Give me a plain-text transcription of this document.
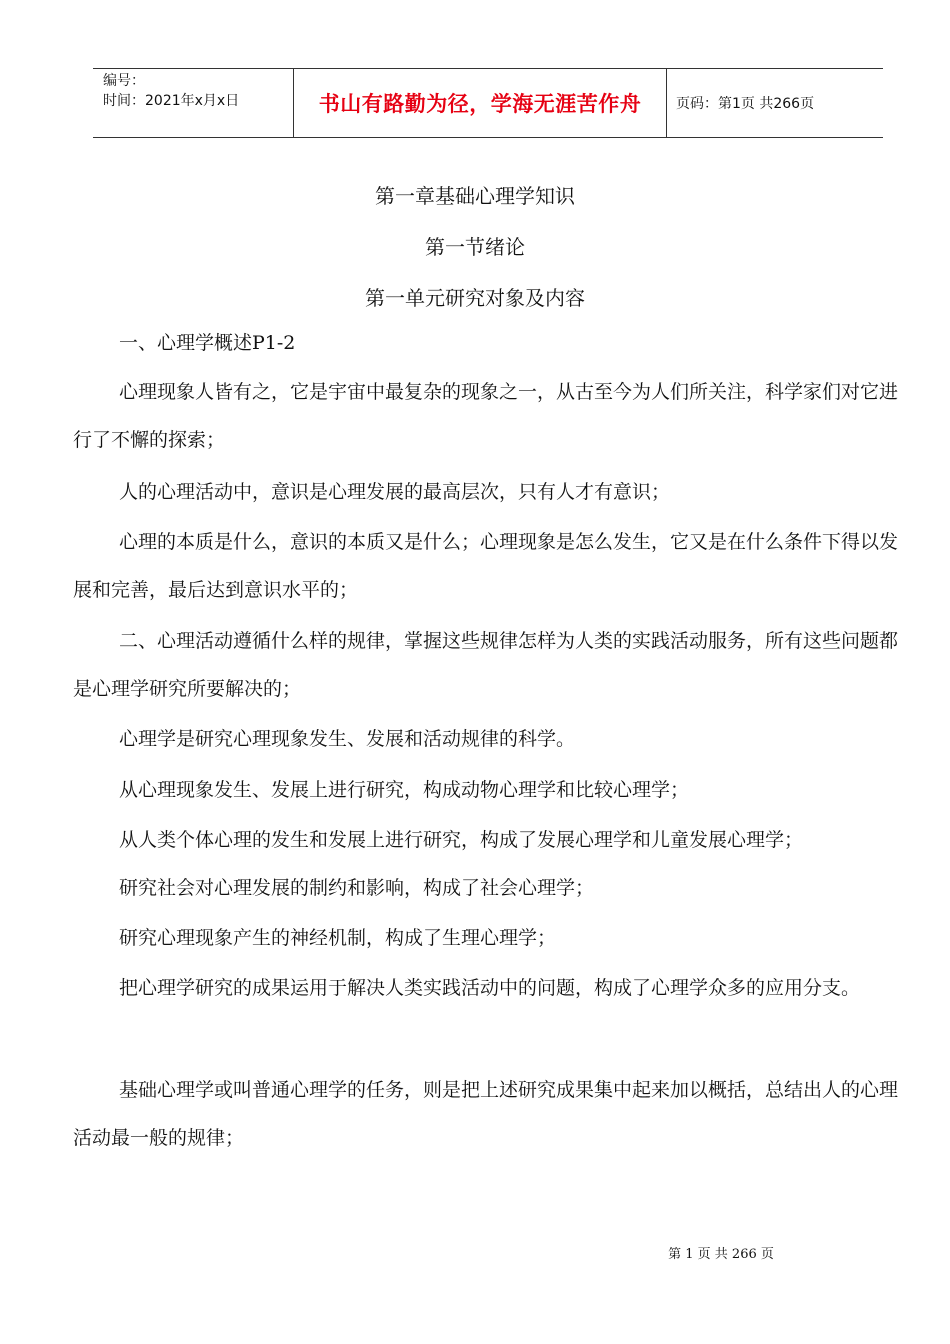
编号：
时间：2021年x月x日	书山有路勤为径，学海无涯苦作舟	页码：第1页 共266页
第一章基础心理学知识
第一节绪论
第一单元研究对象及内容
一、心理学概述P1-2
心理现象人皆有之，它是宇宙中最复杂的现象之一，从古至今为人们所关注，科学家们对它进行了不懈的探索；
人的心理活动中，意识是心理发展的最高层次，只有人才有意识；
心理的本质是什么，意识的本质又是什么；心理现象是怎么发生，它又是在什么条件下得以发展和完善，最后达到意识水平的；
二、心理活动遵循什么样的规律，掌握这些规律怎样为人类的实践活动服务，所有这些问题都是心理学研究所要解决的；
心理学是研究心理现象发生、发展和活动规律的科学。
从心理现象发生、发展上进行研究，构成动物心理学和比较心理学；
从人类个体心理的发生和发展上进行研究，构成了发展心理学和儿童发展心理学；
研究社会对心理发展的制约和影响，构成了社会心理学；
研究心理现象产生的神经机制，构成了生理心理学；
把心理学研究的成果运用于解决人类实践活动中的问题，构成了心理学众多的应用分支。
基础心理学或叫普通心理学的任务，则是把上述研究成果集中起来加以概括，总结出人的心理活动最一般的规律；
第 1 页 共 266 页
